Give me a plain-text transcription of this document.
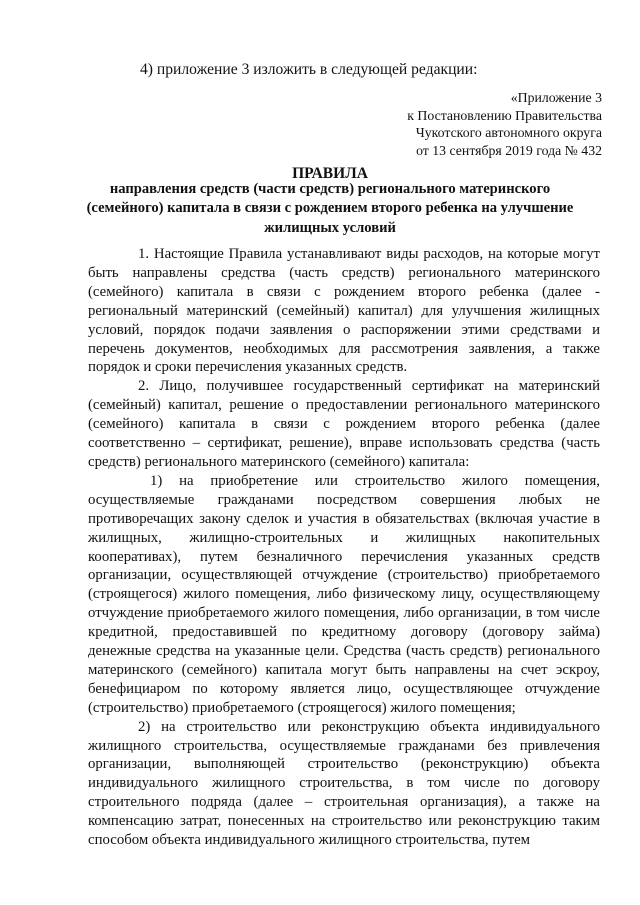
4) приложение 3 изложить в следующей редакции:

«Приложение 3
к Постановлению Правительства
Чукотского автономного округа
от 13 сентября 2019 года № 432
ПРАВИЛА
направления средств (части средств) регионального материнского
(семейного) капитала в связи с рождением второго ребенка на улучшение
жилищных условий

1. Настоящие Правила устанавливают виды расходов, на которые могут быть направлены средства (часть средств) регионального материнского (семейного) капитала в связи с рождением второго ребенка (далее - региональный материнский (семейный) капитал) для улучшения жилищных условий, порядок подачи заявления о распоряжении этими средствами и перечень документов, необходимых для рассмотрения заявления, а также порядок и сроки перечисления указанных средств.

2. Лицо, получившее государственный сертификат на материнский (семейный) капитал, решение о предоставлении регионального материнского (семейного) капитала в связи с рождением второго ребенка (далее соответственно – сертификат, решение), вправе использовать средства (часть средств) регионального материнского (семейного) капитала:

1) на приобретение или строительство жилого помещения, осуществляемые гражданами посредством совершения любых не противоречащих закону сделок и участия в обязательствах (включая участие в жилищных, жилищно-строительных и жилищных накопительных кооперативах), путем безналичного перечисления указанных средств организации, осуществляющей отчуждение (строительство) приобретаемого (строящегося) жилого помещения, либо физическому лицу, осуществляющему отчуждение приобретаемого жилого помещения, либо организации, в том числе кредитной, предоставившей по кредитному договору (договору займа) денежные средства на указанные цели. Средства (часть средств) регионального материнского (семейного) капитала могут быть направлены на счет эскроу, бенефициаром по которому является лицо, осуществляющее отчуждение (строительство) приобретаемого (строящегося) жилого помещения;

2) на строительство или реконструкцию объекта индивидуального жилищного строительства, осуществляемые гражданами без привлечения организации, выполняющей строительство (реконструкцию) объекта индивидуального жилищного строительства, в том числе по договору строительного подряда (далее – строительная организация), а также на компенсацию затрат, понесенных на строительство или реконструкцию таким способом объекта индивидуального жилищного строительства, путем
